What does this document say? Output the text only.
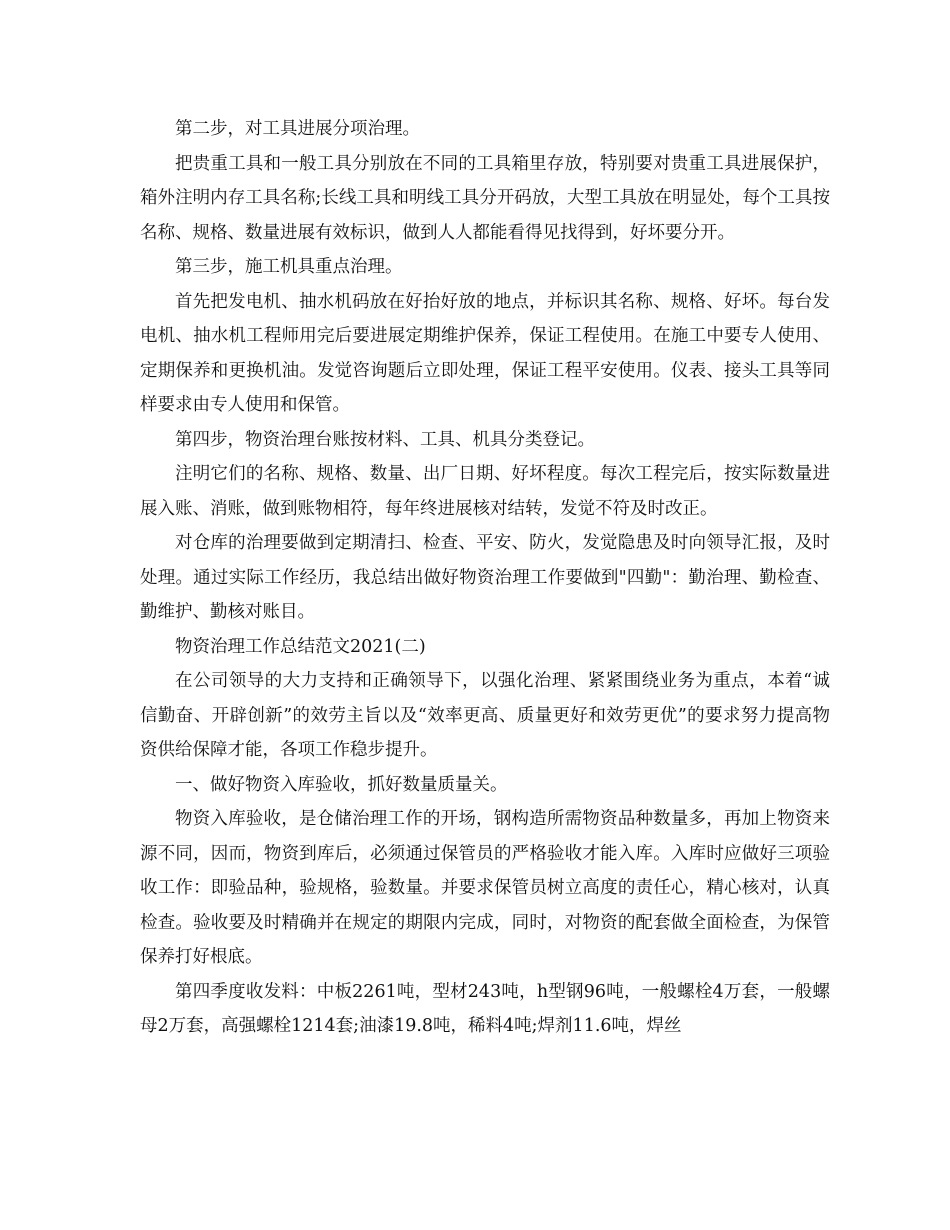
第二步，对工具进展分项治理。

把贵重工具和一般工具分别放在不同的工具箱里存放，特别要对贵重工具进展保护，箱外注明内存工具名称;长线工具和明线工具分开码放，大型工具放在明显处，每个工具按名称、规格、数量进展有效标识，做到人人都能看得见找得到，好坏要分开。

第三步，施工机具重点治理。

首先把发电机、抽水机码放在好抬好放的地点，并标识其名称、规格、好坏。每台发电机、抽水机工程师用完后要进展定期维护保养，保证工程使用。在施工中要专人使用、定期保养和更换机油。发觉咨询题后立即处理，保证工程平安使用。仪表、接头工具等同样要求由专人使用和保管。

第四步，物资治理台账按材料、工具、机具分类登记。

注明它们的名称、规格、数量、出厂日期、好坏程度。每次工程完后，按实际数量进展入账、消账，做到账物相符，每年终进展核对结转，发觉不符及时改正。

对仓库的治理要做到定期清扫、检查、平安、防火，发觉隐患及时向领导汇报，及时处理。通过实际工作经历，我总结出做好物资治理工作要做到"四勤"：勤治理、勤检查、勤维护、勤核对账目。

物资治理工作总结范文2021(二)

在公司领导的大力支持和正确领导下，以强化治理、紧紧围绕业务为重点，本着“诚信勤奋、开辟创新”的效劳主旨以及“效率更高、质量更好和效劳更优”的要求努力提高物资供给保障才能，各项工作稳步提升。

一、做好物资入库验收，抓好数量质量关。

物资入库验收，是仓储治理工作的开场，钢构造所需物资品种数量多，再加上物资来源不同，因而，物资到库后，必须通过保管员的严格验收才能入库。入库时应做好三项验收工作：即验品种，验规格，验数量。并要求保管员树立高度的责任心，精心核对，认真检查。验收要及时精确并在规定的期限内完成，同时，对物资的配套做全面检查，为保管保养打好根底。

第四季度收发料：中板2261吨，型材243吨，h型钢96吨，一般螺栓4万套，一般螺母2万套，高强螺栓1214套;油漆19.8吨，稀料4吨;焊剂11.6吨，焊丝
